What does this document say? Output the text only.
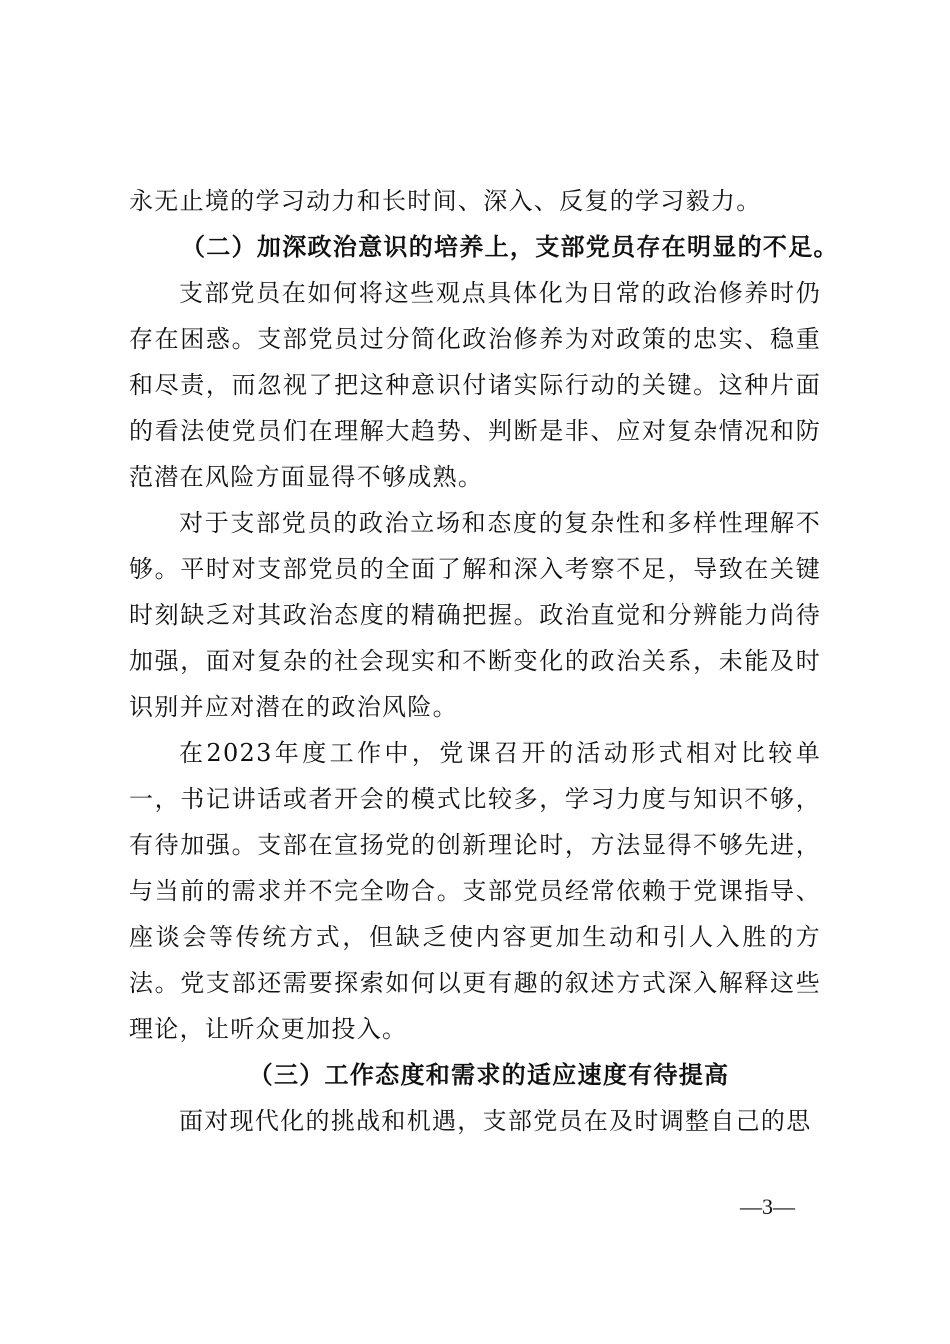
永无止境的学习动力和长时间、深入、反复的学习毅力。

（二）加深政治意识的培养上，支部党员存在明显的不足。

支部党员在如何将这些观点具体化为日常的政治修养时仍存在困惑。支部党员过分简化政治修养为对政策的忠实、稳重和尽责，而忽视了把这种意识付诸实际行动的关键。这种片面的看法使党员们在理解大趋势、判断是非、应对复杂情况和防范潜在风险方面显得不够成熟。

对于支部党员的政治立场和态度的复杂性和多样性理解不够。平时对支部党员的全面了解和深入考察不足，导致在关键时刻缺乏对其政治态度的精确把握。政治直觉和分辨能力尚待加强，面对复杂的社会现实和不断变化的政治关系，未能及时识别并应对潜在的政治风险。

在2023年度工作中，党课召开的活动形式相对比较单一，书记讲话或者开会的模式比较多，学习力度与知识不够，有待加强。支部在宣扬党的创新理论时，方法显得不够先进，与当前的需求并不完全吻合。支部党员经常依赖于党课指导、座谈会等传统方式，但缺乏使内容更加生动和引人入胜的方法。党支部还需要探索如何以更有趣的叙述方式深入解释这些理论，让听众更加投入。

（三）工作态度和需求的适应速度有待提高

面对现代化的挑战和机遇，支部党员在及时调整自己的思

—3—
